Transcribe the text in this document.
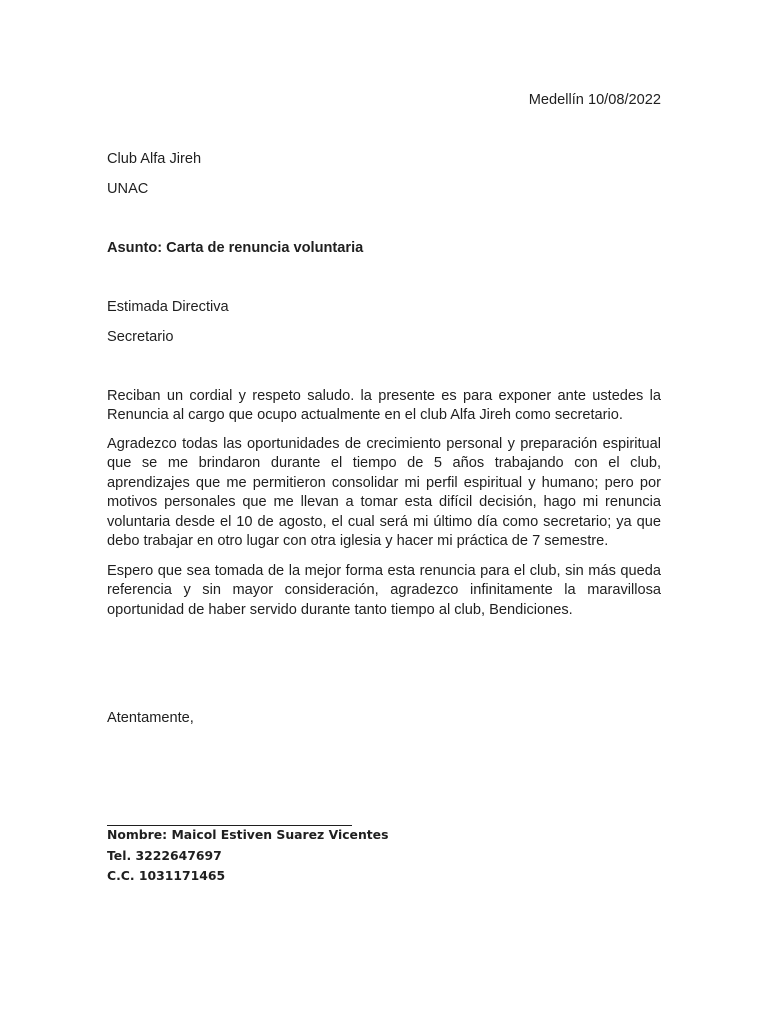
Medellín 10/08/2022
Club Alfa Jireh
UNAC
Asunto: Carta de renuncia voluntaria
Estimada Directiva
Secretario

Reciban un cordial y respeto saludo. la presente es para exponer ante ustedes la Renuncia al cargo que ocupo actualmente en el club Alfa Jireh como secretario.

Agradezco todas las oportunidades de crecimiento personal y preparación espiritual que se me brindaron durante el tiempo de 5 años trabajando con el club, aprendizajes que me permitieron consolidar mi perfil espiritual y humano; pero por motivos personales que me llevan a tomar esta difícil decisión, hago mi renuncia voluntaria desde el 10 de agosto, el cual será mi último día como secretario; ya que debo trabajar en otro lugar con otra iglesia y hacer mi práctica de 7 semestre.

Espero que sea tomada de la mejor forma esta renuncia para el club, sin más queda referencia y sin mayor consideración, agradezco infinitamente la maravillosa oportunidad de haber servido durante tanto tiempo al club, Bendiciones.

Atentamente,
Nombre: Maicol Estiven Suarez Vicentes
Tel. 3222647697
C.C. 1031171465
